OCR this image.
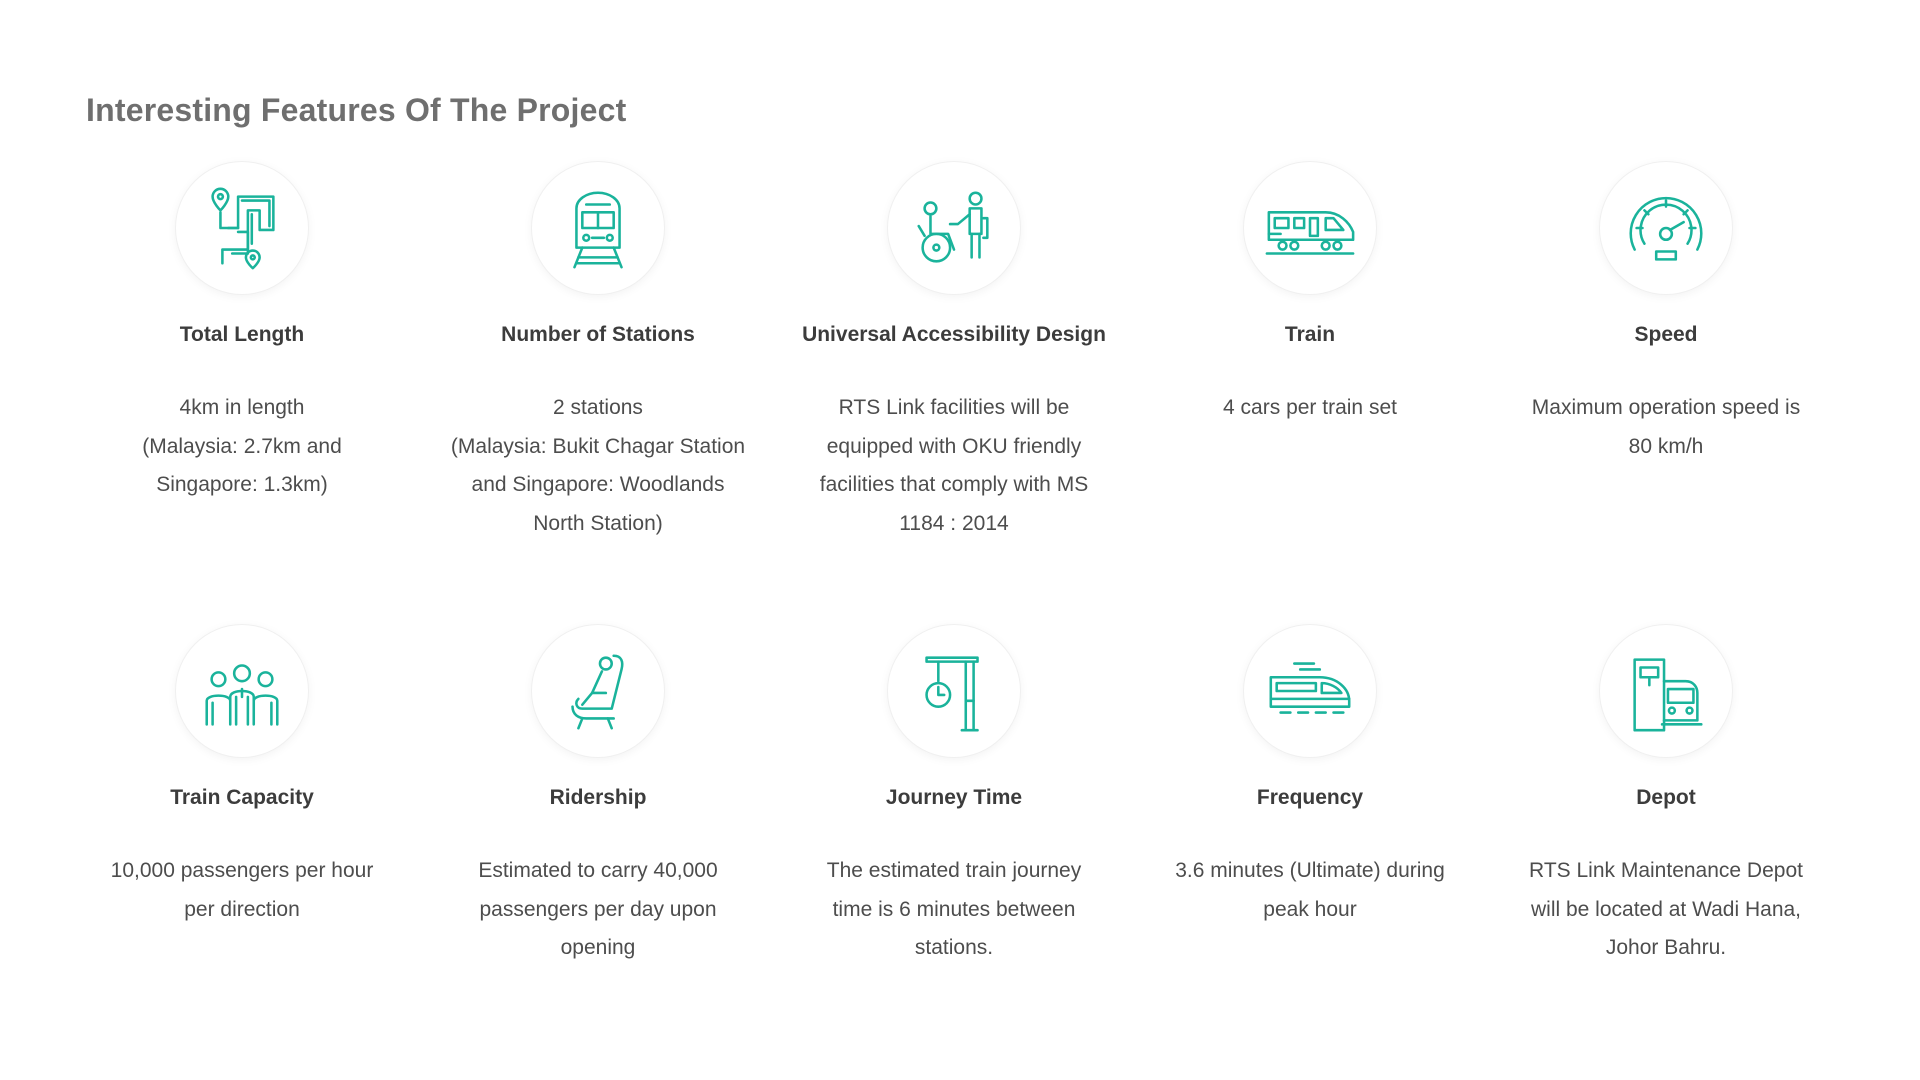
Interesting Features Of The Project
Total Length
4km in length
(Malaysia: 2.7km and
Singapore: 1.3km)
Number of Stations
2 stations
(Malaysia: Bukit Chagar Station
and Singapore: Woodlands
North Station)
Universal Accessibility Design
RTS Link facilities will be
equipped with OKU friendly
facilities that comply with MS
1184 : 2014
Train
4 cars per train set
Speed
Maximum operation speed is
80 km/h
Train Capacity
10,000 passengers per hour
per direction
Ridership
Estimated to carry 40,000
passengers per day upon
opening
Journey Time
The estimated train journey
time is 6 minutes between
stations.
Frequency
3.6 minutes (Ultimate) during
peak hour
Depot
RTS Link Maintenance Depot
will be located at Wadi Hana,
Johor Bahru.
